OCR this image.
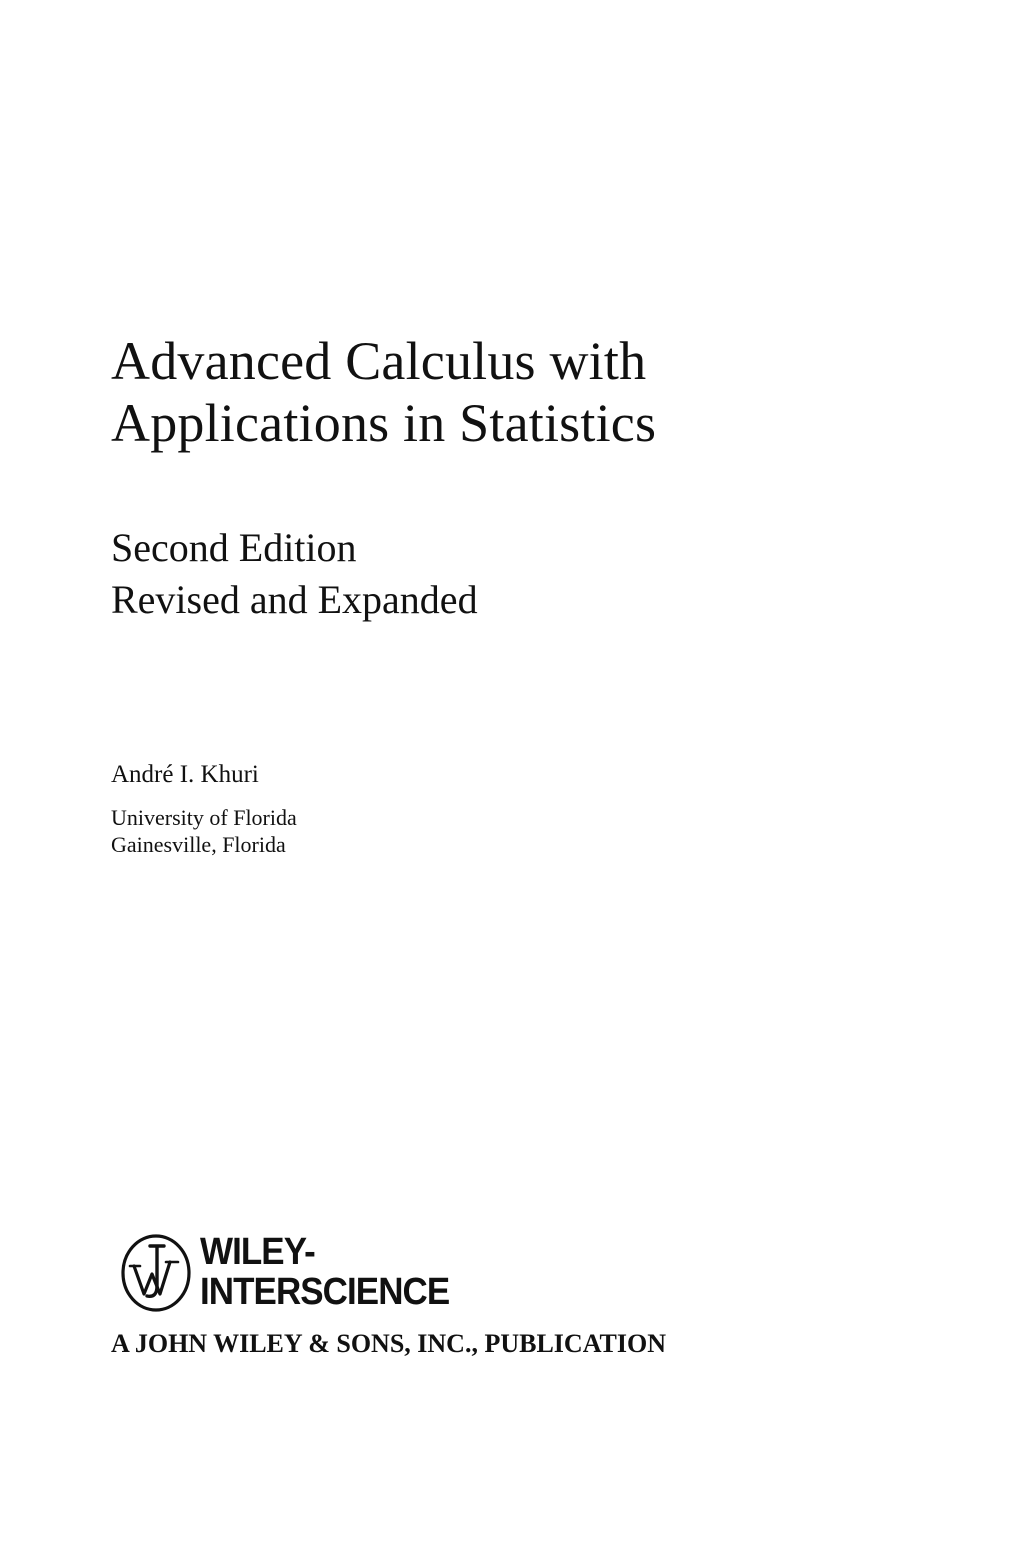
Advanced Calculus with
Applications in Statistics
Second Edition
Revised and Expanded
André I. Khuri
University of Florida
Gainesville, Florida
WILEY-
INTERSCIENCE
A JOHN WILEY & SONS, INC., PUBLICATION
